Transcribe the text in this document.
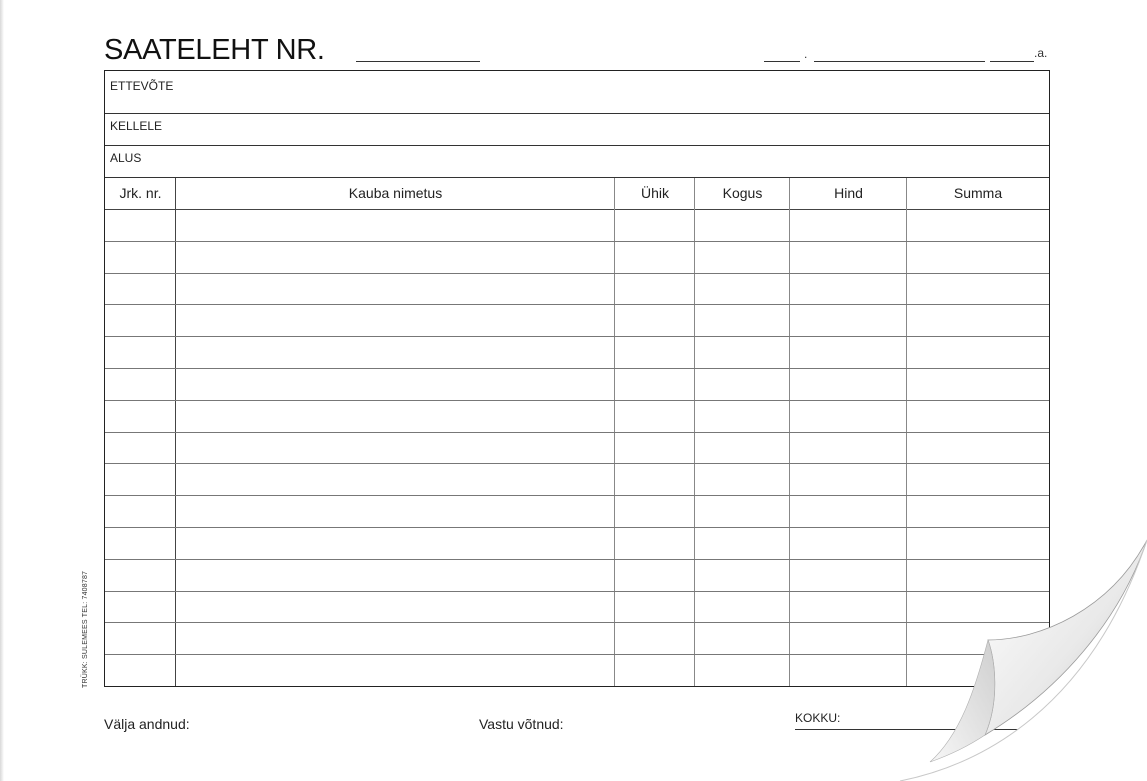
SAATELEHT NR.	.	.a.
ETTEVÕTE
KELLELE
ALUS
Jrk. nr.	Kauba nimetus	Ühik	Kogus	Hind	Summa
TRÜKK: SULEMEES TEL: 7408787
Välja andnud:	Vastu võtnud:	KOKKU:
